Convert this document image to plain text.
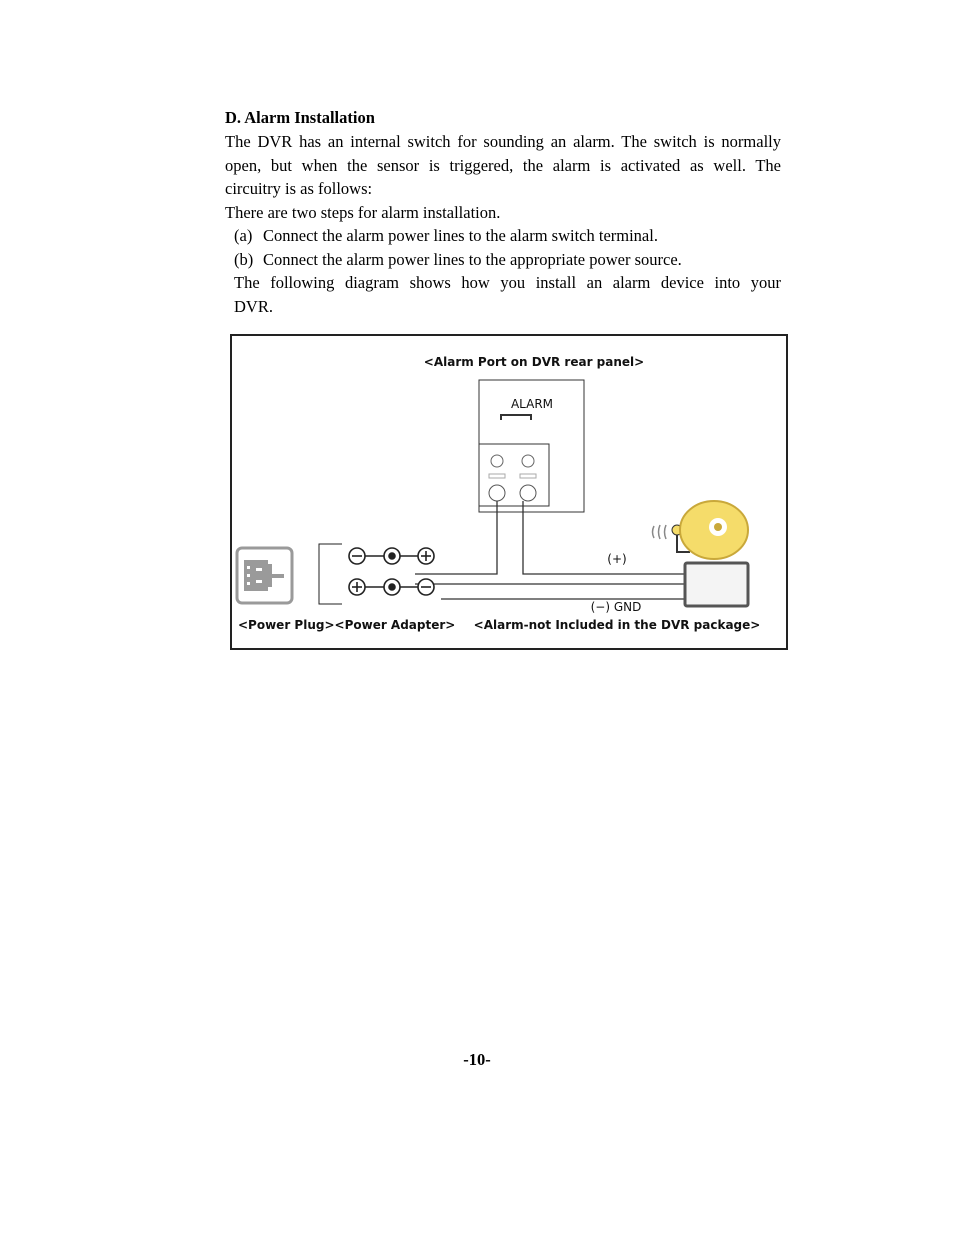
D. Alarm Installation
The DVR has an internal switch for sounding an alarm. The switch is normally
open, but when the sensor is triggered, the alarm is activated as well. The
circuitry is as follows:
There are two steps for alarm installation.
(a) Connect the alarm power lines to the alarm switch terminal.
(b) Connect the alarm power lines to the appropriate power source.
The following diagram shows how you install an alarm device into your
DVR.
<Alarm Port on DVR rear panel>
ALARM
(+)
(−) GND
<Power Plug><Power Adapter> <Alarm-not Included in the DVR package>
-10-
